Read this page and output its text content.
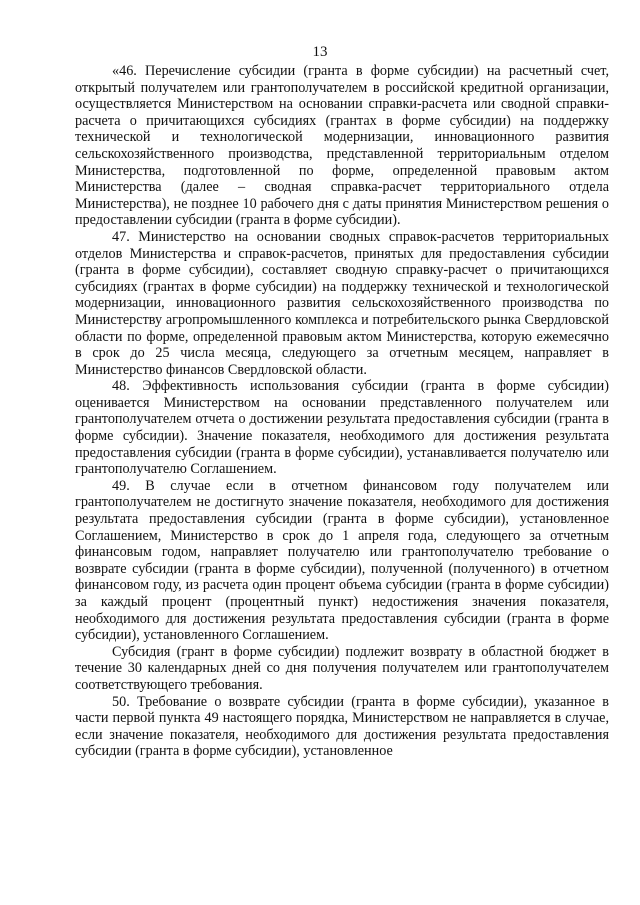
13

«46. Перечисление субсидии (гранта в форме субсидии) на расчетный счет, открытый получателем или грантополучателем в российской кредитной организации, осуществляется Министерством на основании справки-расчета или сводной справки-расчета о причитающихся субсидиях (грантах в форме субсидии) на поддержку технической и технологической модернизации, инновационного развития сельскохозяйственного производства, представленной территориальным отделом Министерства, подготовленной по форме, определенной правовым актом Министерства (далее – сводная справка-расчет территориального отдела Министерства), не позднее 10 рабочего дня с даты принятия Министерством решения о предоставлении субсидии (гранта в форме субсидии).

47. Министерство на основании сводных справок-расчетов территориальных отделов Министерства и справок-расчетов, принятых для предоставления субсидии (гранта в форме субсидии), составляет сводную справку-расчет о причитающихся субсидиях (грантах в форме субсидии) на поддержку технической и технологической модернизации, инновационного развития сельскохозяйственного производства по Министерству агропромышленного комплекса и потребительского рынка Свердловской области по форме, определенной правовым актом Министерства, которую ежемесячно в срок до 25 числа месяца, следующего за отчетным месяцем, направляет в Министерство финансов Свердловской области.

48. Эффективность использования субсидии (гранта в форме субсидии) оценивается Министерством на основании представленного получателем или грантополучателем отчета о достижении результата предоставления субсидии (гранта в форме субсидии). Значение показателя, необходимого для достижения результата предоставления субсидии (гранта в форме субсидии), устанавливается получателю или грантополучателю Соглашением.

49. В случае если в отчетном финансовом году получателем или грантополучателем не достигнуто значение показателя, необходимого для достижения результата предоставления субсидии (гранта в форме субсидии), установленное Соглашением, Министерство в срок до 1 апреля года, следующего за отчетным финансовым годом, направляет получателю или грантополучателю требование о возврате субсидии (гранта в форме субсидии), полученной (полученного) в отчетном финансовом году, из расчета один процент объема субсидии (гранта в форме субсидии) за каждый процент (процентный пункт) недостижения значения показателя, необходимого для достижения результата предоставления субсидии (гранта в форме субсидии), установленного Соглашением.

Субсидия (грант в форме субсидии) подлежит возврату в областной бюджет в течение 30 календарных дней со дня получения получателем или грантополучателем соответствующего требования.

50. Требование о возврате субсидии (гранта в форме субсидии), указанное в части первой пункта 49 настоящего порядка, Министерством не направляется в случае, если значение показателя, необходимого для достижения результата предоставления субсидии (гранта в форме субсидии), установленное
